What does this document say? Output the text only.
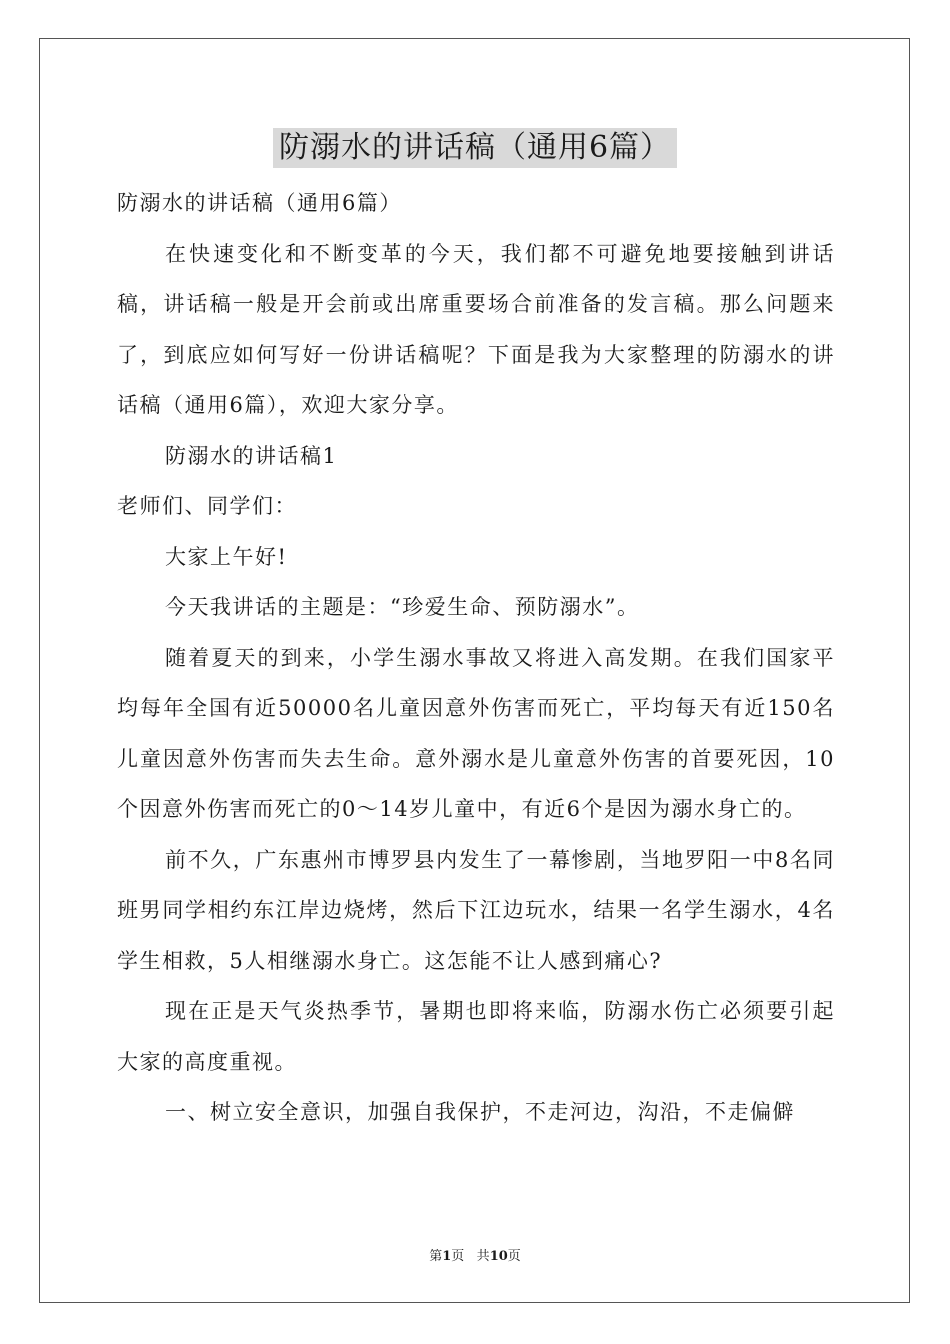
防溺水的讲话稿（通用6篇）

防溺水的讲话稿（通用6篇）

在快速变化和不断变革的今天，我们都不可避免地要接触到讲话稿，讲话稿一般是开会前或出席重要场合前准备的发言稿。那么问题来了，到底应如何写好一份讲话稿呢？下面是我为大家整理的防溺水的讲话稿（通用6篇），欢迎大家分享。

防溺水的讲话稿1

老师们、同学们：

大家上午好!

今天我讲话的主题是：“珍爱生命、预防溺水”。

随着夏天的到来，小学生溺水事故又将进入高发期。在我们国家平均每年全国有近50000名儿童因意外伤害而死亡，平均每天有近150名儿童因意外伤害而失去生命。意外溺水是儿童意外伤害的首要死因，10个因意外伤害而死亡的0～14岁儿童中，有近6个是因为溺水身亡的。

前不久，广东惠州市博罗县内发生了一幕惨剧，当地罗阳一中8名同班男同学相约东江岸边烧烤，然后下江边玩水，结果一名学生溺水，4名学生相救，5人相继溺水身亡。这怎能不让人感到痛心?

现在正是天气炎热季节，暑期也即将来临，防溺水伤亡必须要引起大家的高度重视。

一、树立安全意识，加强自我保护，不走河边，沟沿，不走偏僻

第1页 共10页
